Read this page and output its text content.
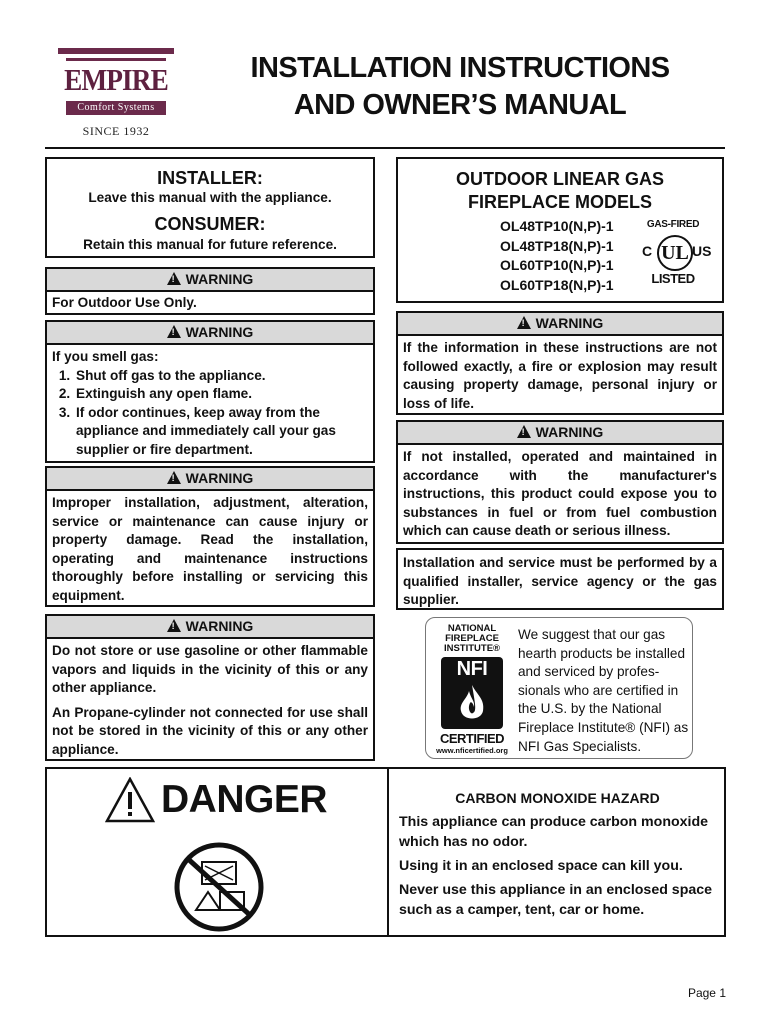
EMPIRE
Comfort Systems
SINCE 1932
INSTALLATION INSTRUCTIONS
AND OWNER’S MANUAL
INSTALLER:
Leave this manual with the appliance.
CONSUMER:
Retain this manual for future reference.
!WARNING
For Outdoor Use Only.
!WARNING
If you smell gas:
1. Shut off gas to the appliance.
2. Extinguish any open flame.
3. If odor continues, keep away from the appliance and immediately call your gas supplier or fire department.
!WARNING
Improper installation, adjustment, alteration, service or maintenance can cause injury or property damage. Read the installation, operating and maintenance instructions thoroughly before installing or servicing this equipment.
!WARNING

Do not store or use gasoline or other flammable vapors and liquids in the vicinity of this or any other appliance.

An Propane-cylinder not connected for use shall not be stored in the vicinity of this or any other appliance.

OUTDOOR LINEAR GAS
FIREPLACE MODELS
OL48TP10(N,P)-1
OL48TP18(N,P)-1
OL60TP10(N,P)-1
OL60TP18(N,P)-1
GAS-FIRED
C UL US
LISTED
!WARNING
If the information in these instructions are not followed exactly, a fire or explosion may result causing property damage, personal injury or loss of life.
!WARNING
If not installed, operated and maintained in accordance with the manufacturer's instructions, this product could expose you to substances in fuel or from fuel combustion which can cause death or serious illness.
Installation and service must be performed by a qualified installer, service agency or the gas supplier.
NATIONAL
FIREPLACE
INSTITUTE®
NFI
CERTIFIED
www.nficertified.org
We suggest that our gas hearth products be installed and serviced by profes-sionals who are certified in the U.S. by the National Fireplace Institute® (NFI) as NFI Gas Specialists.
DANGER	CARBON MONOXIDE HAZARD

This appliance can produce carbon monoxide which has no odor.

Using it in an enclosed space can kill you.

Never use this appliance in an enclosed space such as a camper, tent, car or home.

Page 1
